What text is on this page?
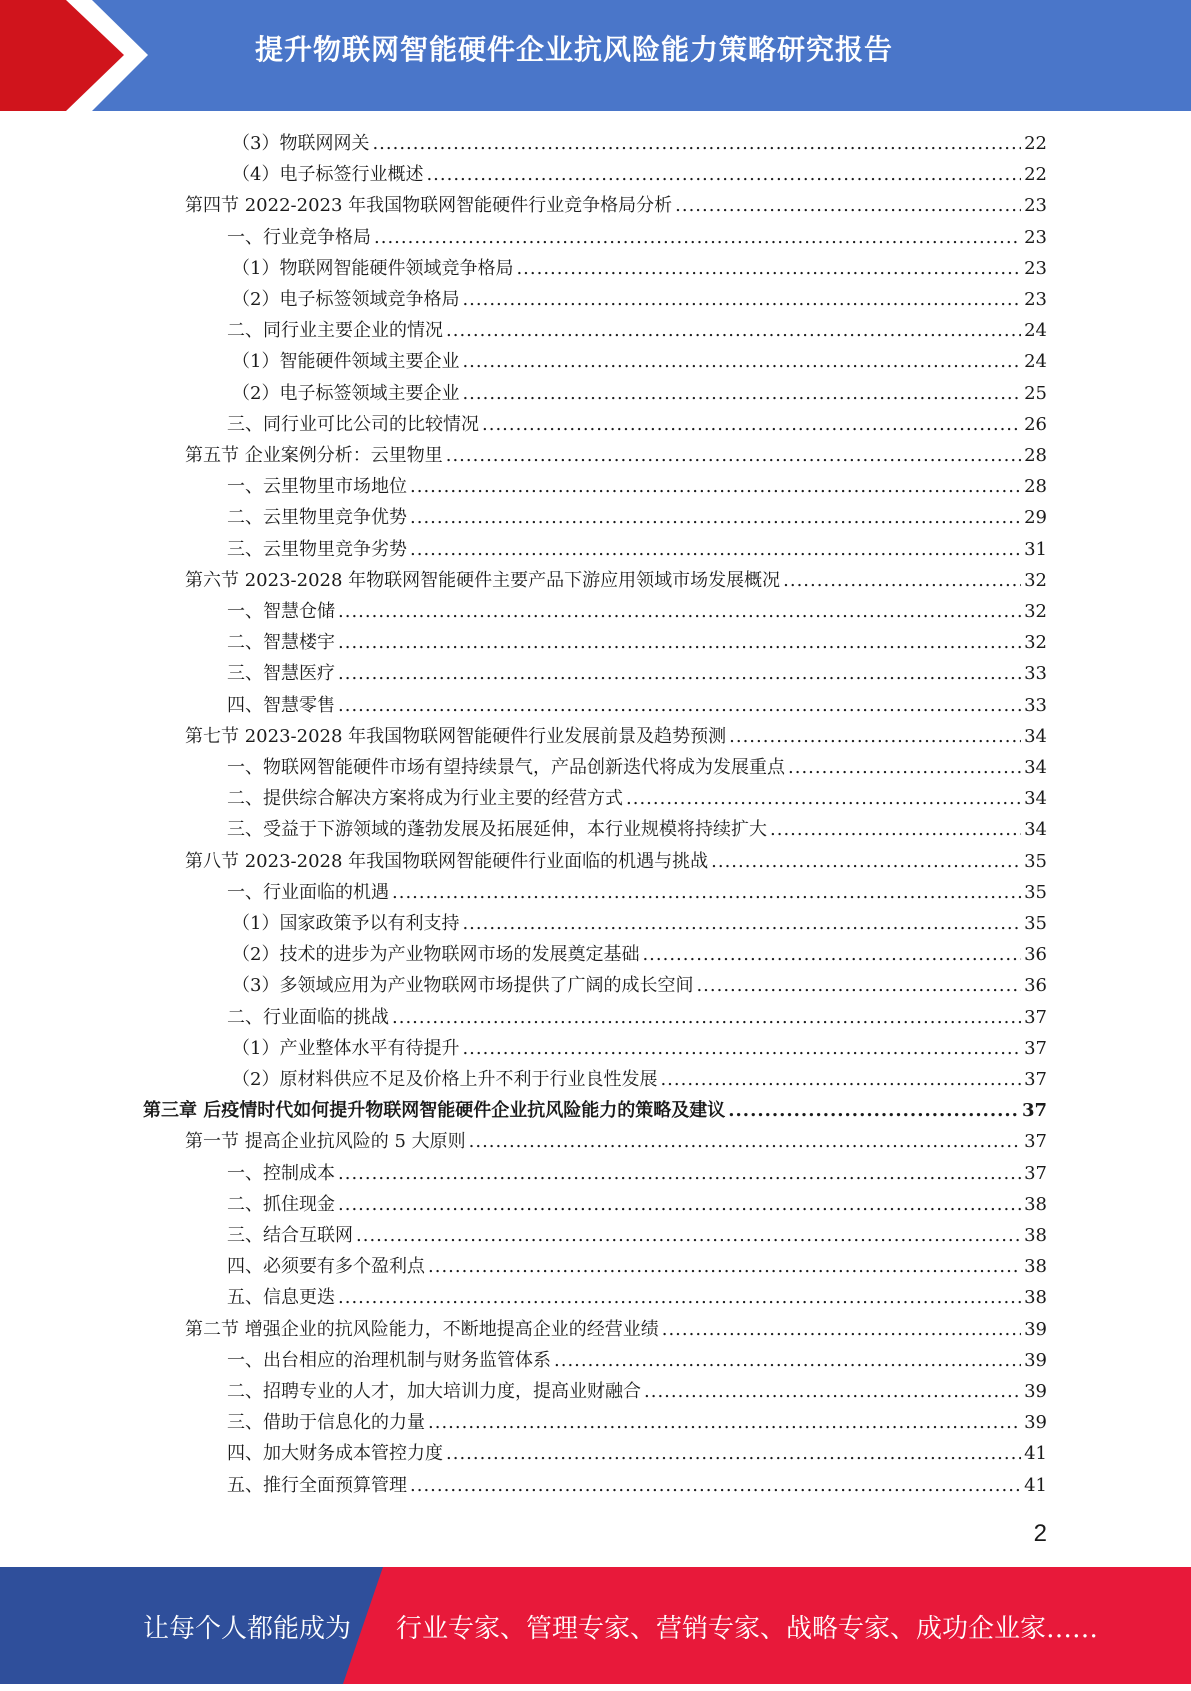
提升物联网智能硬件企业抗风险能力策略研究报告
（3）物联网网关 .....	22
（4）电子标签行业概述 .....	22
第四节 2022-2023 年我国物联网智能硬件行业竞争格局分析 .....	23
一、行业竞争格局 .....	23
（1）物联网智能硬件领域竞争格局 .....	23
（2）电子标签领域竞争格局 .....	23
二、同行业主要企业的情况 .....	24
（1）智能硬件领域主要企业 .....	24
（2）电子标签领域主要企业 .....	25
三、同行业可比公司的比较情况 .....	26
第五节 企业案例分析：云里物里 .....	28
一、云里物里市场地位 .....	28
二、云里物里竞争优势 .....	29
三、云里物里竞争劣势 .....	31
第六节 2023-2028 年物联网智能硬件主要产品下游应用领域市场发展概况 .....	32
一、智慧仓储 .....	32
二、智慧楼宇 .....	32
三、智慧医疗 .....	33
四、智慧零售 .....	33
第七节 2023-2028 年我国物联网智能硬件行业发展前景及趋势预测 .....	34
一、物联网智能硬件市场有望持续景气，产品创新迭代将成为发展重点 .....	34
二、提供综合解决方案将成为行业主要的经营方式 .....	34
三、受益于下游领域的蓬勃发展及拓展延伸，本行业规模将持续扩大 .....	34
第八节 2023-2028 年我国物联网智能硬件行业面临的机遇与挑战 .....	35
一、行业面临的机遇 .....	35
（1）国家政策予以有利支持 .....	35
（2）技术的进步为产业物联网市场的发展奠定基础 .....	36
（3）多领域应用为产业物联网市场提供了广阔的成长空间 .....	36
二、行业面临的挑战 .....	37
（1）产业整体水平有待提升 .....	37
（2）原材料供应不足及价格上升不利于行业良性发展 .....	37
第三章 后疫情时代如何提升物联网智能硬件企业抗风险能力的策略及建议 .....	37
第一节 提高企业抗风险的 5 大原则 .....	37
一、控制成本 .....	37
二、抓住现金 .....	38
三、结合互联网 .....	38
四、必须要有多个盈利点 .....	38
五、信息更迭 .....	38
第二节 增强企业的抗风险能力，不断地提高企业的经营业绩 .....	39
一、出台相应的治理机制与财务监管体系 .....	39
二、招聘专业的人才，加大培训力度，提高业财融合 .....	39
三、借助于信息化的力量 .....	39
四、加大财务成本管控力度 .....	41
五、推行全面预算管理 .....	41
2
让每个人都能成为 行业专家、管理专家、营销专家、战略专家、成功企业家……
